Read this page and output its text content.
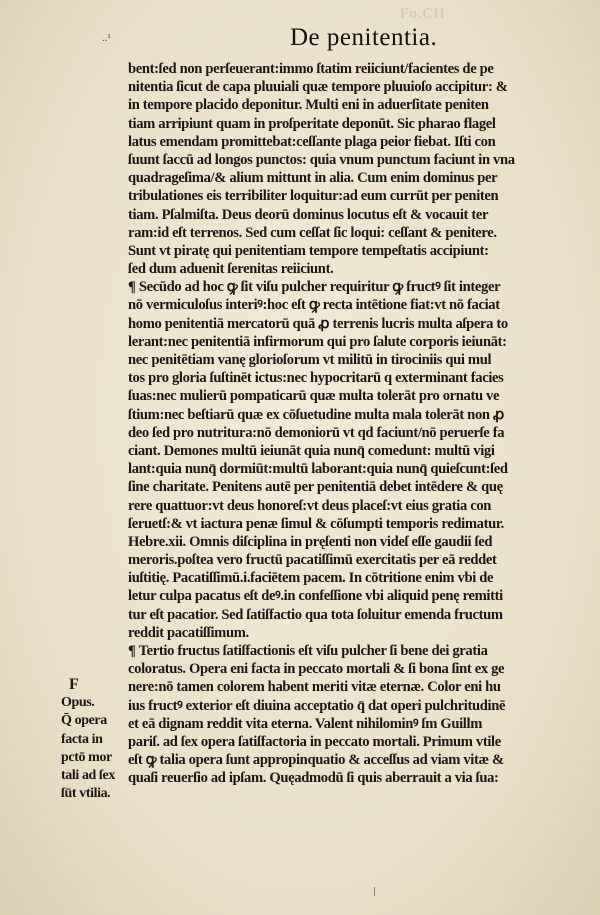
Fo.CII
..¹	De penitentia.
bent:ſed non perſeuerant:immo ſtatim reiiciunt/facientes de pe
nitentia ſicut de capa pluuiali quæ tempore pluuioſo accipitur: &
in tempore placido deponitur. Multi eni in aduerſitate peniten
tiam arripiunt quam in proſperitate deponūt. Sic pharao flagel
latus emendam promittebat:ceſſante plaga peior fiebat. Iſti con
ſuunt ſaccū ad longos punctos: quia vnum punctum faciunt in vna
quadrageſima/& alium mittunt in alia. Cum enim dominus per
tribulationes eis terribiliter loquitur:ad eum currūt per peniten
tiam. Pſalmiſta. Deus deorū dominus locutus eſt & vocauit ter
ram:id eſt terrenos. Sed cum ceſſat ſic loqui: ceſſant & penitere.
Sunt vt piratę qui penitentiam tempore tempeſtatis accipiunt:
ſed dum aduenit ſerenitas reiiciunt.
¶ Secūdo ad hoc ꝙ ſit viſu pulcher requiritur ꝙ fructꝰ ſit integer
nō vermiculoſus interiꝰ:hoc eſt ꝙ recta intētione fiat:vt nō faciat
homo penitentiā mercatorū quā ꝓ terrenis lucris multa aſpera to
lerant:nec penitentiā infirmorum qui pro ſalute corporis ieiunāt:
nec penitētiam vanę glorioſorum vt militū in tirociniis qui mul
tos pro gloria ſuſtinēt ictus:nec hypocritarū q exterminant facies
ſuas:nec mulierū pompaticarū quæ multa tolerāt pro ornatu ve
ſtium:nec beſtiarū quæ ex cōſuetudine multa mala tolerāt non ꝓ
deo ſed pro nutritura:nō demoniorū vt qd faciunt/nō peruerſe fa
ciant. Demones multū ieiunāt quia nunq̄ comedunt: multū vigi
lant:quia nunq̄ dormiūt:multū laborant:quia nunq̄ quieſcunt:ſed
ſine charitate. Penitens autē per penitentiā debet intēdere & quę
rere quattuor:vt deus honoreſ:vt deus placeſ:vt eius gratia con
ſeruetſ:& vt iactura penæ ſimul & cōſumpti temporis redimatur.
Hebre.xii. Omnis diſciplina in pręſenti non videſ eſſe gaudii ſed
meroris.poſtea vero fructū pacatiſſimū exercitatis per eā reddet
iuſtitię. Pacatiſſimū.i.faciētem pacem. In cōtritione enim vbi de
letur culpa pacatus eſt deꝰ.in confeſſione vbi aliquid penę remitti
tur eſt pacatior. Sed ſatiſfactio qua tota ſoluitur emenda fructum
reddit pacatiſſimum.
¶ Tertio fructus ſatiſfactionis eſt viſu pulcher ſi bene dei gratia
coloratus. Opera eni facta in peccato mortali & ſi bona ſint ex ge
nere:nō tamen colorem habent meriti vitæ eternæ. Color eni hu
ius fructꝰ exterior eſt diuina acceptatio q̄ dat operi pulchritudinē
et eā dignam reddit vita eterna. Valent nihilominꝰ ſm Guillm
pariſ. ad ſex opera ſatiſfactoria in peccato mortali. Primum vtile
eſt ꝙ talia opera ſunt appropinquatio & acceſſus ad viam vitæ &
quaſi reuerſio ad ipſam. Quęadmodū ſi quis aberrauit a via ſua:
F
Opus.
Q̄ opera
facta in
pctō mor
tali ad ſex
ſūt vtilia.
